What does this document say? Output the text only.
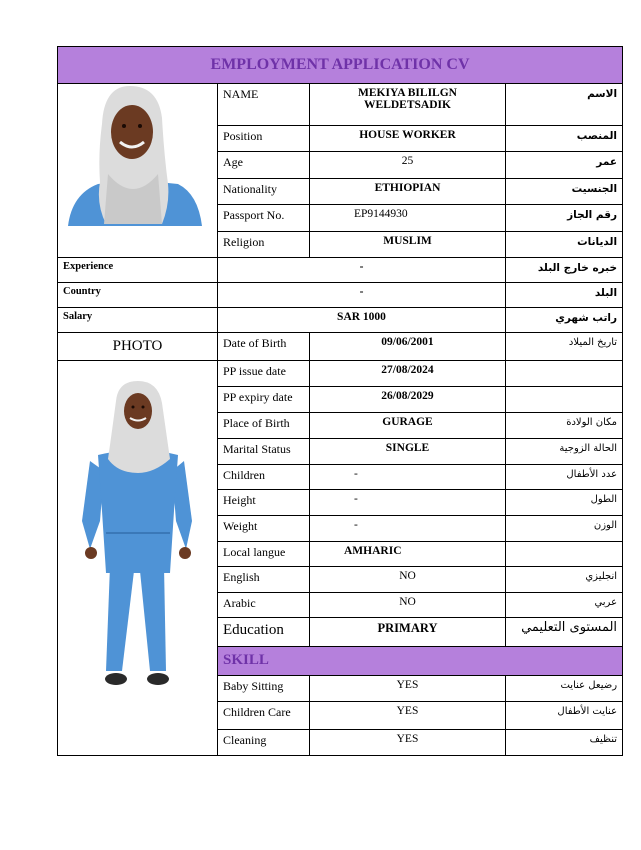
EMPLOYMENT APPLICATION CV			
	NAME	MEKIYA BILILGN WELDETSADIK	الاسم
	Position	HOUSE WORKER	المنصب
	Age	25	عمر
	Nationality	ETHIOPIAN	الجنسيت
	Passport No.	EP9144930	رقم الجاز
	Religion	MUSLIM	الديانات
Experience	-		خبره خارج البلد
Country	-		البلد
Salary	SAR 1000		راتب شهري
PHOTO	Date of Birth	09/06/2001	تاريخ الميلاد
	PP issue date	27/08/2024	
	PP expiry date	26/08/2029	
	Place of Birth	GURAGE	مكان الولادة
	Marital Status	SINGLE	الحالة الزوجية
	Children	-	عدد الأطفال
	Height	-	الطول
	Weight	-	الوزن
	Local langue	AMHARIC	
	English	NO	انجليزي
	Arabic	NO	عربي
	Education	PRIMARY	المستوى التعليمي
	SKILL		
	Baby Sitting	YES	رضيعل عنايت
	Children Care	YES	عنايت الأطفال
	Cleaning	YES	تنظيف
